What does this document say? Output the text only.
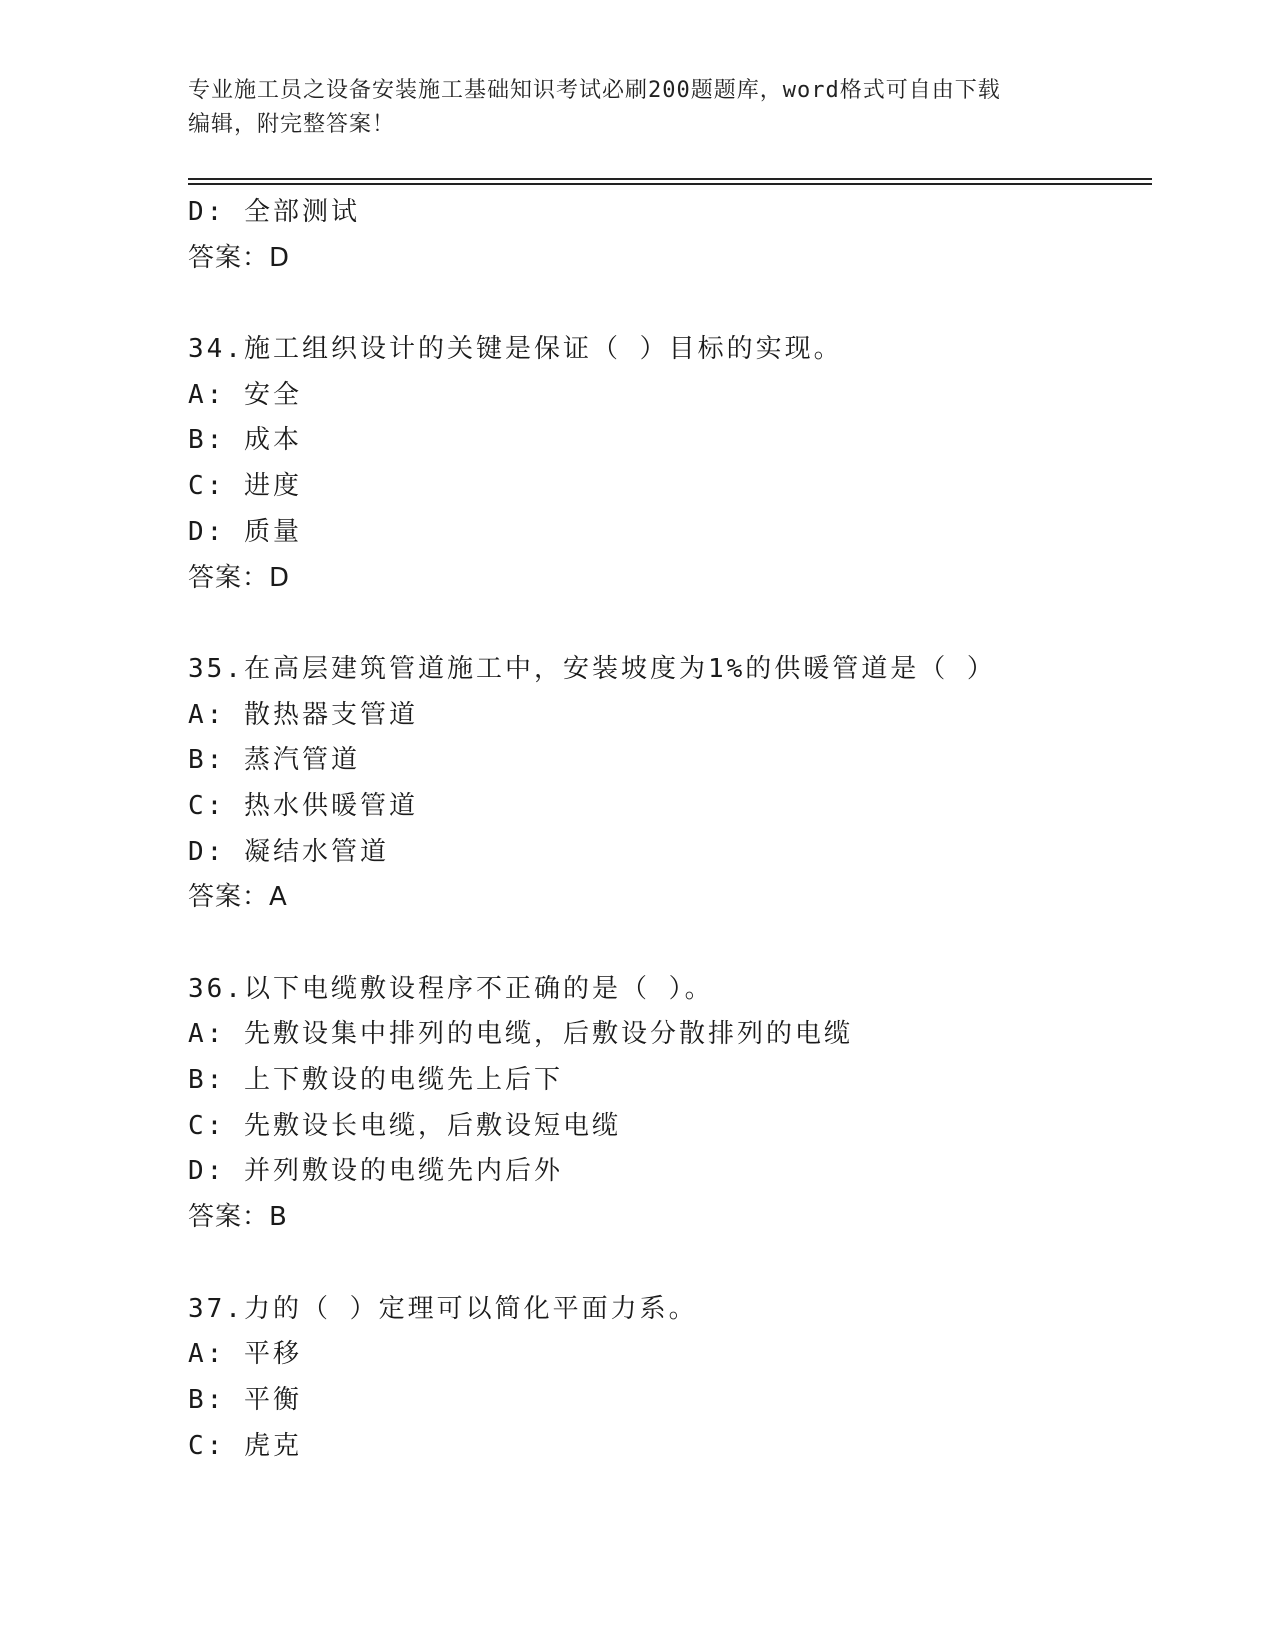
专业施工员之设备安装施工基础知识考试必刷200题题库，word格式可自由下载
编辑，附完整答案！
D: 全部测试
答案：D
34.施工组织设计的关键是保证（ ）目标的实现。
A: 安全
B: 成本
C: 进度
D: 质量
答案：D
35.在高层建筑管道施工中，安装坡度为1%的供暖管道是（ ）
A: 散热器支管道
B: 蒸汽管道
C: 热水供暖管道
D: 凝结水管道
答案：A
36.以下电缆敷设程序不正确的是（ ）。
A: 先敷设集中排列的电缆，后敷设分散排列的电缆
B: 上下敷设的电缆先上后下
C: 先敷设长电缆，后敷设短电缆
D: 并列敷设的电缆先内后外
答案：B
37.力的（ ）定理可以简化平面力系。
A: 平移
B: 平衡
C: 虎克
